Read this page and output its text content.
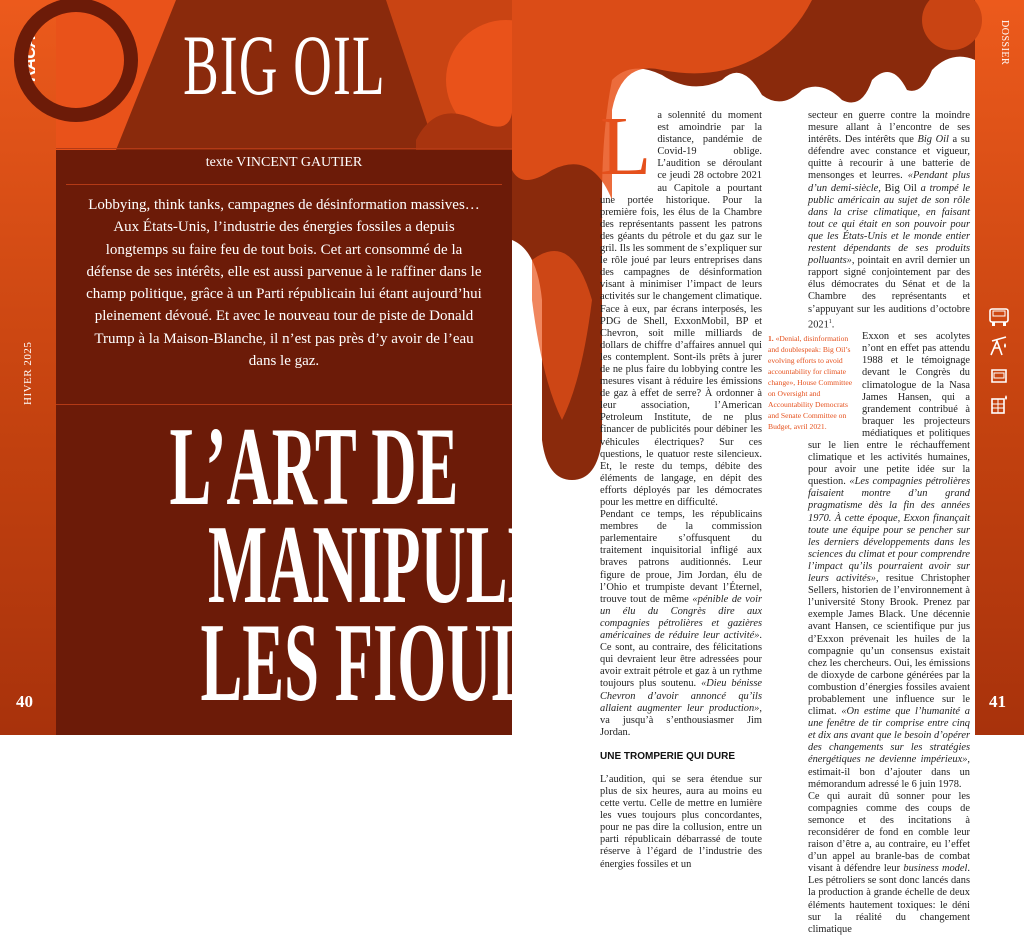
FRACAS
HIVER 2025
DOSSIER
40	41
BIG OIL
texte VINCENT GAUTIER
Lobbying, think tanks, campagnes de désinformation massives… Aux États-Unis, l’industrie des énergies fossiles a depuis longtemps su faire feu de tout bois. Cet art consommé de la défense de ses intérêts, elle est aussi parvenue à le raffiner dans le champ politique, grâce à un Parti républicain lui étant aujourd’hui pleinement dévoué. Et avec le nouveau tour de piste de Donald Trump à la Maison-Blanche, il n’est pas près d’y avoir de l’eau dans le gaz.
L’ART DE
MANIPULER
LES FIOULS
L a solennité du moment est amoindrie par la distance, pandémie de Covid-19 oblige. L’audition se déroulant ce jeudi 28 octobre 2021 au Capitole a pourtant une portée historique. Pour la première fois, les élus de la Chambre des représentants passent les patrons des géants du pétrole et du gaz sur le gril. Ils les somment de s’expliquer sur le rôle joué par leurs entreprises dans des campagnes de désinformation visant à minimiser l’impact de leurs activités sur le changement climatique. Face à eux, par écrans interposés, les PDG de Shell, ExxonMobil, BP et Chevron, soit mille milliards de dollars de chiffre d’affaires annuel qui les contemplent. Sont-ils prêts à jurer de ne plus faire du lobbying contre les mesures visant à réduire les émissions de gaz à effet de serre? À ordonner à leur association, l’American Petroleum Institute, de ne plus financer de publicités pour débiner les véhicules électriques? Sur ces questions, le quatuor reste silencieux. Et, le reste du temps, débite des éléments de langage, en dépit des efforts déployés par les démocrates pour les mettre en difficulté.

Pendant ce temps, les républicains membres de la commission parlementaire s’offusquent du traitement inquisitorial infligé aux braves patrons auditionnés. Leur figure de proue, Jim Jordan, élu de l’Ohio et trumpiste devant l’Éternel, trouve tout de même «pénible de voir un élu du Congrès dire aux compagnies pétrolières et gazières américaines de réduire leur activité». Ce sont, au contraire, des félicitations qui devraient leur être adressées pour avoir extrait pétrole et gaz à un rythme toujours plus soutenu. «Dieu bénisse Chevron d’avoir annoncé qu’ils allaient augmenter leur production», va jusqu’à s’enthousiasmer Jim Jordan.

UNE TROMPERIE QUI DURE

L’audition, qui se sera étendue sur plus de six heures, aura au moins eu cette vertu. Celle de mettre en lumière les vues toujours plus concordantes, pour ne pas dire la collusion, entre un parti républicain débarrassé de toute réserve à l’égard de l’industrie des énergies fossiles et un

secteur en guerre contre la moindre mesure allant à l’encontre de ses intérêts. Des intérêts que Big Oil a su défendre avec constance et vigueur, quitte à recourir à une batterie de mensonges et leurres. «Pendant plus d’un demi-siècle, Big Oil a trompé le public américain au sujet de son rôle dans la crise climatique, en faisant tout ce qui était en son pouvoir pour que les États-Unis et le monde entier restent dépendants de ses produits polluants», pointait en avril dernier un rapport signé conjointement par des élus démocrates du Sénat et de la Chambre des représentants et s’appuyant sur les auditions d’octobre 2021$^1$.

1. «Denial, disinformation and doublespeak: Big Oil’s evolving efforts to avoid accountability for climate change», House Committee on Oversight and Accountability Democrats and Senate Committee on Budget, avril 2021.

Exxon et ses acolytes n’ont en effet pas attendu 1988 et le témoignage devant le Congrès du climatologue de la Nasa James Hansen, qui a grandement contribué à braquer les projecteurs médiatiques et politiques sur le lien entre le réchauffement climatique et les activités humaines, pour avoir une petite idée sur la question. «Les compagnies pétrolières faisaient montre d’un grand pragmatisme dès la fin des années 1970. À cette époque, Exxon finançait toute une équipe pour se pencher sur les derniers développements dans les sciences du climat et pour comprendre l’impact qu’ils pourraient avoir sur leurs activités», resitue Christopher Sellers, historien de l’environnement à l’université Stony Brook. Prenez par exemple James Black. Une décennie avant Hansen, ce scientifique pur jus d’Exxon prévenait les huiles de la compagnie qu’un consensus existait chez les chercheurs. Oui, les émissions de dioxyde de carbone générées par la combustion d’énergies fossiles avaient probablement une influence sur le climat. «On estime que l’humanité a une fenêtre de tir comprise entre cinq et dix ans avant que le besoin d’opérer des changements sur les stratégies énergétiques ne devienne impérieux», estimait-il bon d’ajouter dans un mémorandum adressé le 6 juin 1978.

Ce qui aurait dû sonner pour les compagnies comme des coups de semonce et des incitations à reconsidérer de fond en comble leur raison d’être a, au contraire, eu l’effet d’un appel au branle-bas de combat visant à défendre leur business model. Les pétroliers se sont donc lancés dans la production à grande échelle de deux éléments hautement toxiques: le déni sur la réalité du changement climatique
